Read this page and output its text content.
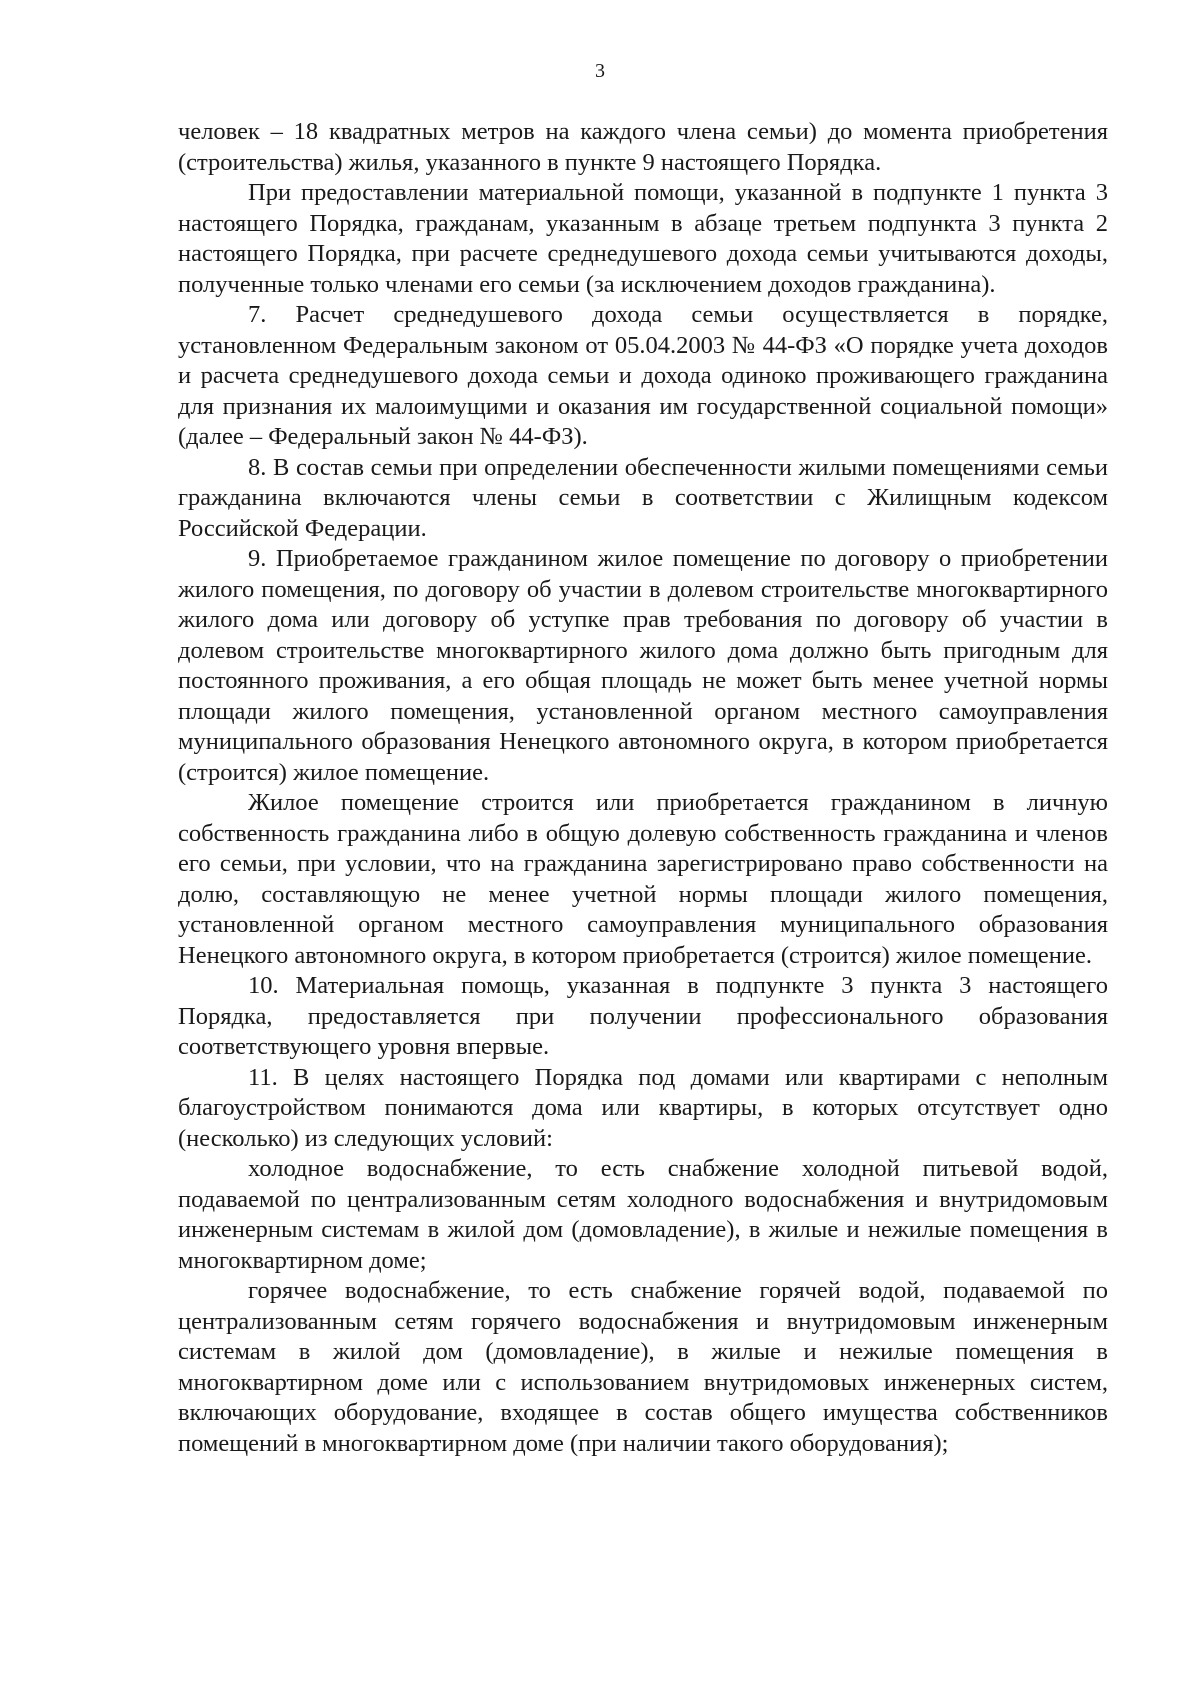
3

человек – 18 квадратных метров на каждого члена семьи) до момента приобретения (строительства) жилья, указанного в пункте 9 настоящего Порядка.

При предоставлении материальной помощи, указанной в подпункте 1 пункта 3 настоящего Порядка, гражданам, указанным в абзаце третьем подпункта 3 пункта 2 настоящего Порядка, при расчете среднедушевого дохода семьи учитываются доходы, полученные только членами его семьи (за исключением доходов гражданина).

7. Расчет среднедушевого дохода семьи осуществляется в порядке, установленном Федеральным законом от 05.04.2003 № 44-ФЗ «О порядке учета доходов и расчета среднедушевого дохода семьи и дохода одиноко проживающего гражданина для признания их малоимущими и оказания им государственной социальной помощи» (далее – Федеральный закон № 44-ФЗ).

8. В состав семьи при определении обеспеченности жилыми помещениями семьи гражданина включаются члены семьи в соответствии с Жилищным кодексом Российской Федерации.

9. Приобретаемое гражданином жилое помещение по договору о приобретении жилого помещения, по договору об участии в долевом строительстве многоквартирного жилого дома или договору об уступке прав требования по договору об участии в долевом строительстве многоквартирного жилого дома должно быть пригодным для постоянного проживания, а его общая площадь не может быть менее учетной нормы площади жилого помещения, установленной органом местного самоуправления муниципального образования Ненецкого автономного округа, в котором приобретается (строится) жилое помещение.

Жилое помещение строится или приобретается гражданином в личную собственность гражданина либо в общую долевую собственность гражданина и членов его семьи, при условии, что на гражданина зарегистрировано право собственности на долю, составляющую не менее учетной нормы площади жилого помещения, установленной органом местного самоуправления муниципального образования Ненецкого автономного округа, в котором приобретается (строится) жилое помещение.

10. Материальная помощь, указанная в подпункте 3 пункта 3 настоящего Порядка, предоставляется при получении профессионального образования соответствующего уровня впервые.

11. В целях настоящего Порядка под домами или квартирами с неполным благоустройством понимаются дома или квартиры, в которых отсутствует одно (несколько) из следующих условий:

холодное водоснабжение, то есть снабжение холодной питьевой водой, подаваемой по централизованным сетям холодного водоснабжения и внутридомовым инженерным системам в жилой дом (домовладение), в жилые и нежилые помещения в многоквартирном доме;

горячее водоснабжение, то есть снабжение горячей водой, подаваемой по централизованным сетям горячего водоснабжения и внутридомовым инженерным системам в жилой дом (домовладение), в жилые и нежилые помещения в многоквартирном доме или с использованием внутридомовых инженерных систем, включающих оборудование, входящее в состав общего имущества собственников помещений в многоквартирном доме (при наличии такого оборудования);
